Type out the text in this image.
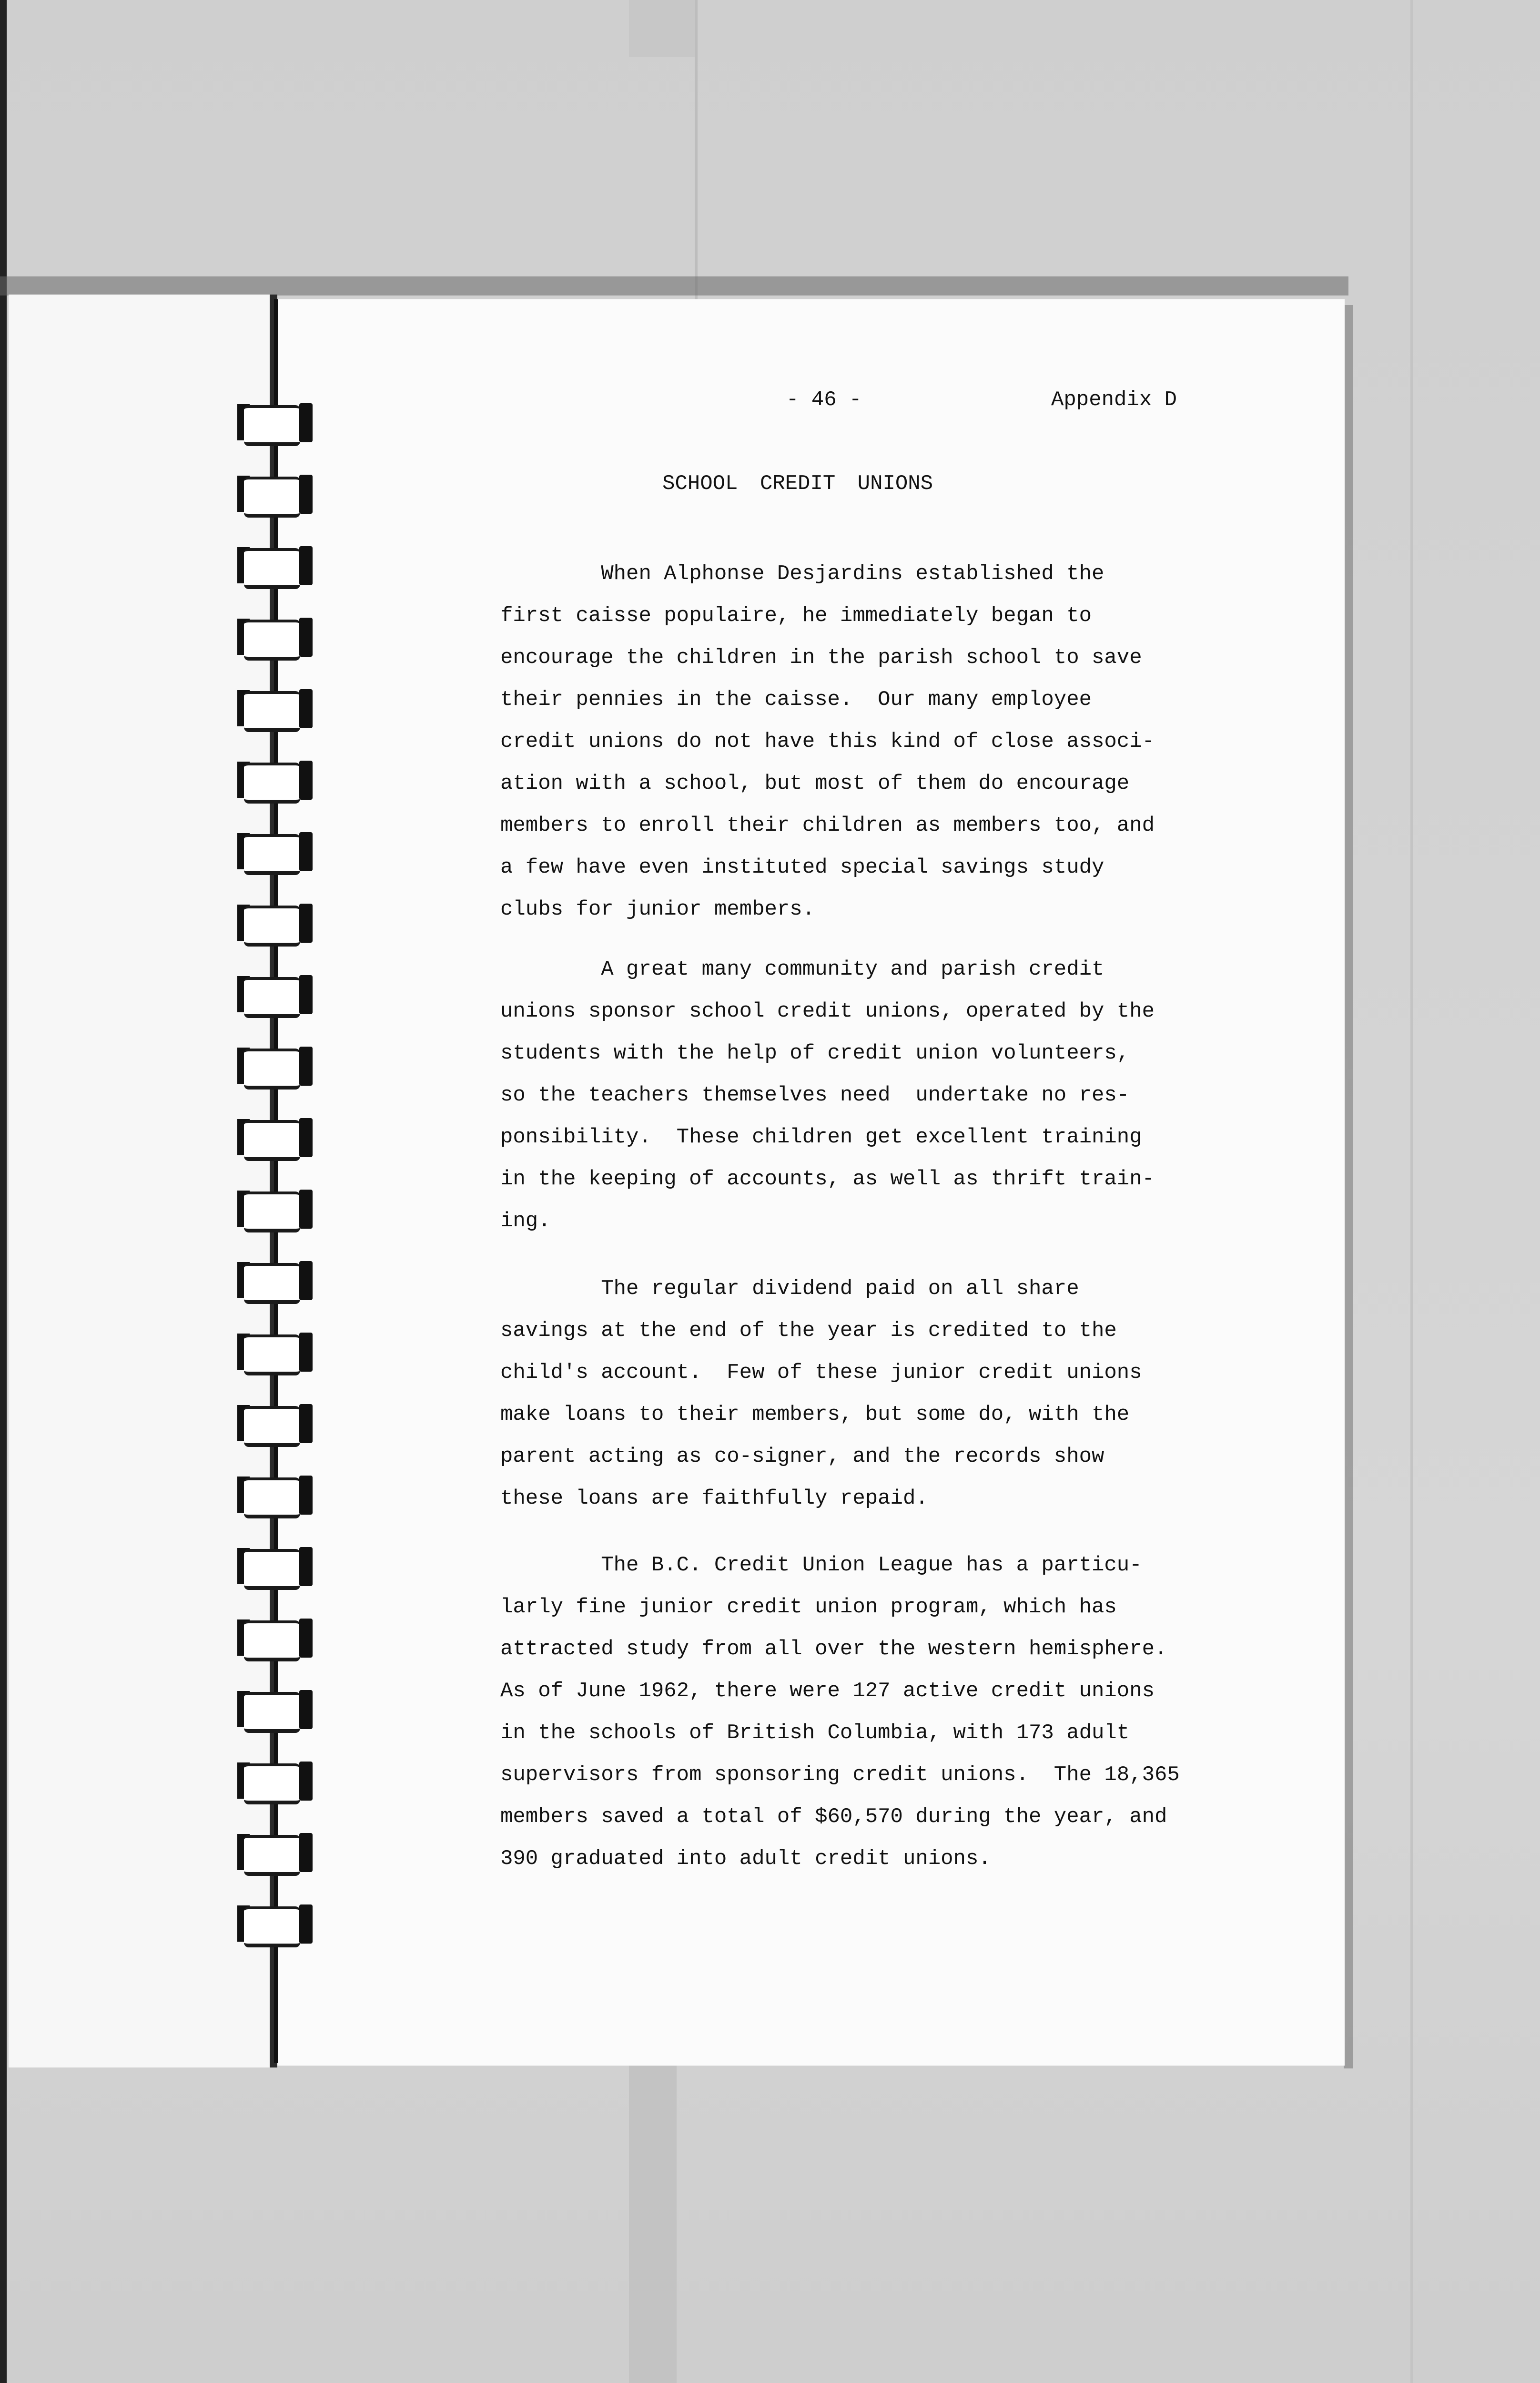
- 46 -	Appendix D
SCHOOL CREDIT UNIONS
When Alphonse Desjardins established the
first caisse populaire, he immediately began to
encourage the children in the parish school to save
their pennies in the caisse.  Our many employee
credit unions do not have this kind of close associ-
ation with a school, but most of them do encourage
members to enroll their children as members too, and
a few have even instituted special savings study
clubs for junior members.
A great many community and parish credit
unions sponsor school credit unions, operated by the
students with the help of credit union volunteers,
so the teachers themselves need  undertake no res-
ponsibility.  These children get excellent training
in the keeping of accounts, as well as thrift train-
ing.
The regular dividend paid on all share
savings at the end of the year is credited to the
child's account.  Few of these junior credit unions
make loans to their members, but some do, with the
parent acting as co-signer, and the records show
these loans are faithfully repaid.
The B.C. Credit Union League has a particu-
larly fine junior credit union program, which has
attracted study from all over the western hemisphere.
As of June 1962, there were 127 active credit unions
in the schools of British Columbia, with 173 adult
supervisors from sponsoring credit unions.  The 18,365
members saved a total of $60,570 during the year, and
390 graduated into adult credit unions.
